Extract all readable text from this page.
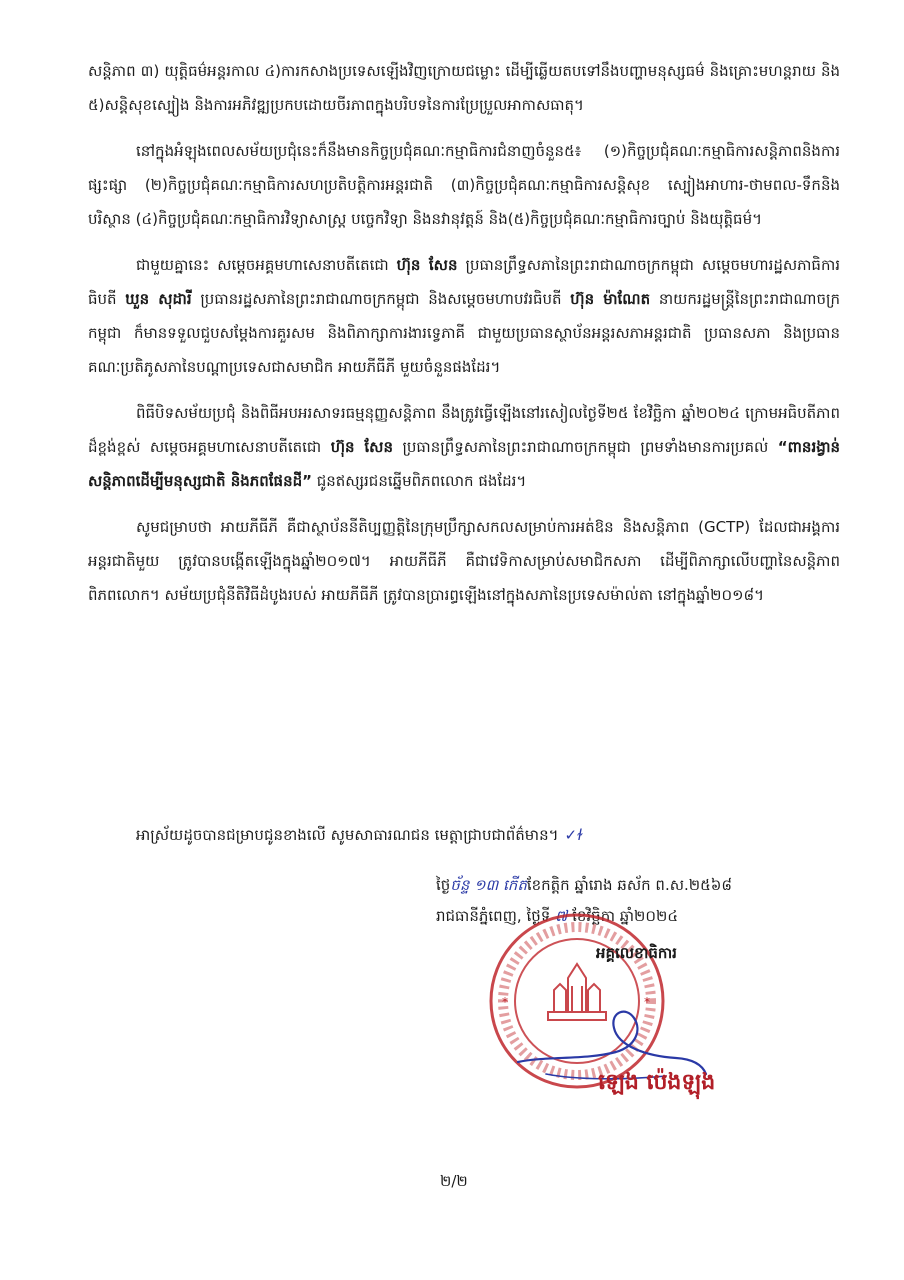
សន្តិភាព ៣) យុត្តិធម៌អន្តរកាល ៤)ការកសាងប្រទេសឡើងវិញក្រោយជម្លោះ ដើម្បីឆ្លើយតបទៅនឹងបញ្ហាមនុស្សធម៌ និងគ្រោះមហន្តរាយ និង ៥)សន្តិសុខស្បៀង និងការអភិវឌ្ឍប្រកបដោយចីរភាពក្នុងបរិបទនៃការប្រែប្រួលអាកាសធាតុ។

នៅក្នុងអំឡុងពេលសម័យប្រជុំនេះក៏នឹងមានកិច្ចប្រជុំគណៈកម្មាធិការជំនាញចំនួន៥៖ (១)កិច្ចប្រជុំគណៈកម្មាធិការសន្តិភាពនិងការផ្សះផ្សា (២)កិច្ចប្រជុំគណៈកម្មាធិការសហប្រតិបត្តិការអន្តរជាតិ (៣)កិច្ចប្រជុំគណៈកម្មាធិការសន្តិសុខ ស្បៀងអាហារ-ថាមពល-ទឹកនិងបរិស្ថាន (៤)កិច្ចប្រជុំគណៈកម្មាធិការវិទ្យាសាស្ត្រ បច្ចេកវិទ្យា និងនវានុវត្តន៍ និង(៥)កិច្ចប្រជុំគណៈកម្មាធិការច្បាប់ និងយុត្តិធម៌។

ជាមួយគ្នានេះ សម្តេចអគ្គមហាសេនាបតីតេជោ ហ៊ុន សែន ប្រធានព្រឹទ្ធសភានៃព្រះរាជាណាចក្រកម្ពុជា សម្តេចមហារដ្ឋសភាធិការធិបតី ឃួន សុដារី ប្រធានរដ្ឋសភានៃព្រះរាជាណាចក្រកម្ពុជា និងសម្តេចមហាបវរធិបតី ហ៊ុន ម៉ាណែត នាយករដ្ឋមន្ត្រីនៃព្រះរាជាណាចក្រកម្ពុជា ក៏មានទទួលជួបសម្តែងការគួរសម និងពិភាក្សាការងារទ្វេភាគី ជាមួយប្រធានស្ថាប័នអន្តរសភាអន្តរជាតិ ប្រធានសភា និងប្រធានគណៈប្រតិភូសភានៃបណ្តាប្រទេសជាសមាជិក អាយភីធីភី មួយចំនួនផងដែរ។

ពិធីបិទសម័យប្រជុំ និងពិធីអបអរសាទរធម្មនុញ្ញសន្តិភាព នឹងត្រូវធ្វើឡើងនៅរសៀលថ្ងៃទី២៥ ខែវិច្ឆិកា ឆ្នាំ២០២៤ ក្រោមអធិបតីភាពដ៏ខ្ពង់ខ្ពស់ សម្តេចអគ្គមហាសេនាបតីតេជោ ហ៊ុន សែន ប្រធានព្រឹទ្ធសភានៃព្រះរាជាណាចក្រកម្ពុជា ព្រមទាំងមានការប្រគល់ “ពានរង្វាន់សន្តិភាពដើម្បីមនុស្សជាតិ និងភពផែនដី” ជូនឥស្សរជនឆ្នើមពិភពលោក ផងដែរ។

សូមជម្រាបថា អាយភីធីភី គឺជាស្ថាប័ននីតិប្បញ្ញត្តិនៃក្រុមប្រឹក្សាសកលសម្រាប់ការអត់ឱន និងសន្តិភាព (GCTP) ដែលជាអង្គការអន្តរជាតិមួយ ត្រូវបានបង្កើតឡើងក្នុងឆ្នាំ២០១៧។ អាយភីធីភី គឺជាវេទិកាសម្រាប់សមាជិកសភា ដើម្បីពិភាក្សាលើបញ្ហានៃសន្តិភាពពិភពលោក។ សម័យប្រជុំនីតិវិធីដំបូងរបស់ អាយភីធីភី ត្រូវបានប្រារព្ធឡើងនៅក្នុងសភានៃប្រទេសម៉ាល់តា នៅក្នុងឆ្នាំ២០១៨។

អាស្រ័យដូចបានជម្រាបជូនខាងលើ សូមសាធារណជន មេត្តាជ្រាបជាព័ត៌មាន។ ✓ɫ
ថ្ងៃច័ន្ទ ១៣ កើតខែកត្តិក ឆ្នាំរោង ឆស័ក ព.ស.២៥៦៨
រាជធានីភ្នំពេញ, ថ្ងៃទី ៧ ខែវិច្ឆិកា ឆ្នាំ២០២៤
*	*
អគ្គលេខាធិការ
ឡេង ប៉េងឡុង
២/២
